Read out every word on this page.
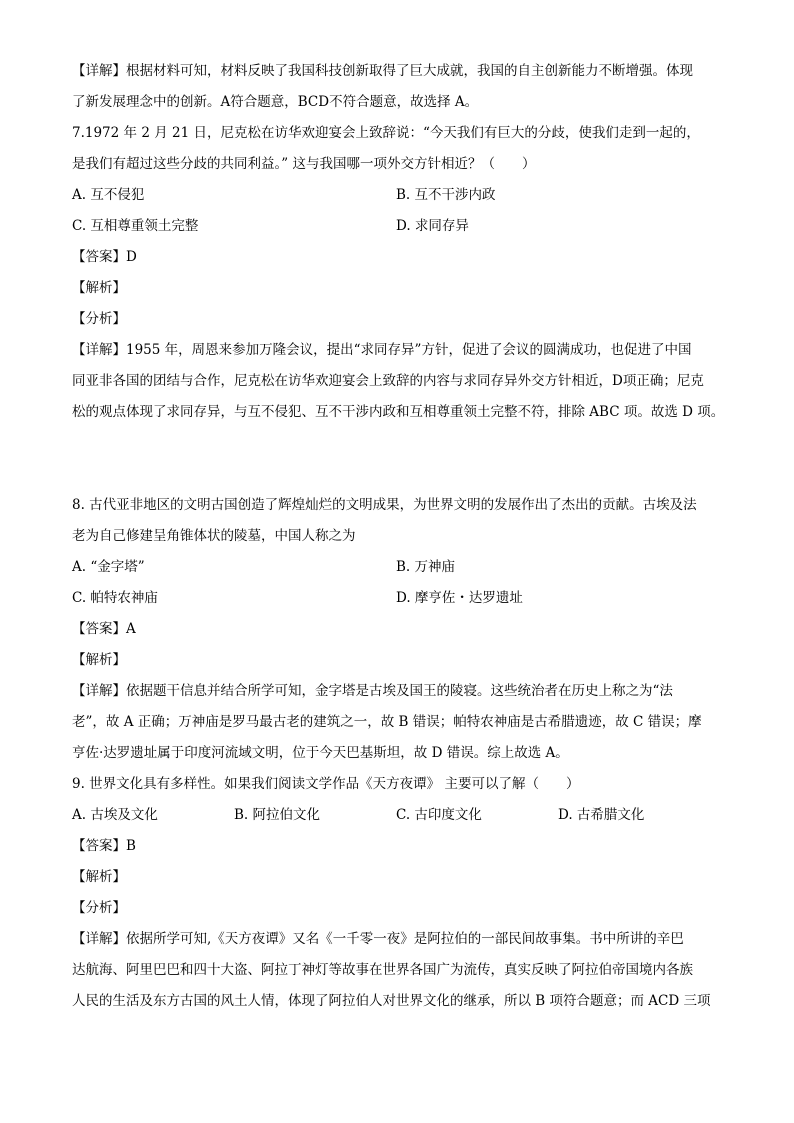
【详解】根据材料可知，材料反映了我国科技创新取得了巨大成就，我国的自主创新能力不断增强。体现
了新发展理念中的创新。A符合题意，BCD不符合题意，故选择 A。
7.1972 年 2 月 21 日，尼克松在访华欢迎宴会上致辞说：“今天我们有巨大的分歧，使我们走到一起的，
是我们有超过这些分歧的共同利益。” 这与我国哪一项外交方针相近？（　　）
A. 互不侵犯	B. 互不干涉内政
C. 互相尊重领土完整	D. 求同存异
【答案】D
【解析】
【分析】
【详解】1955 年，周恩来参加万隆会议，提出“求同存异”方针，促进了会议的圆满成功，也促进了中国
同亚非各国的团结与合作，尼克松在访华欢迎宴会上致辞的内容与求同存异外交方针相近，D项正确；尼克
松的观点体现了求同存异，与互不侵犯、互不干涉内政和互相尊重领土完整不符，排除 ABC 项。故选 D 项。
8. 古代亚非地区的文明古国创造了辉煌灿烂的文明成果，为世界文明的发展作出了杰出的贡献。古埃及法
老为自己修建呈角锥体状的陵墓，中国人称之为
A. “金字塔”	B. 万神庙
C. 帕特农神庙	D. 摩亨佐・达罗遗址
【答案】A
【解析】
【详解】依据题干信息并结合所学可知，金字塔是古埃及国王的陵寝。这些统治者在历史上称之为“法
老”，故 A 正确；万神庙是罗马最古老的建筑之一，故 B 错误；帕特农神庙是古希腊遗迹，故 C 错误；摩
亨佐·达罗遗址属于印度河流域文明，位于今天巴基斯坦，故 D 错误。综上故选 A。
9. 世界文化具有多样性。如果我们阅读文学作品《天方夜谭》 主要可以了解（　　）
A. 古埃及文化	B. 阿拉伯文化	C. 古印度文化	D. 古希腊文化
【答案】B
【解析】
【分析】
【详解】依据所学可知,《天方夜谭》又名《一千零一夜》是阿拉伯的一部民间故事集。书中所讲的辛巴
达航海、阿里巴巴和四十大盗、阿拉丁神灯等故事在世界各国广为流传，真实反映了阿拉伯帝国境内各族
人民的生活及东方古国的风土人情，体现了阿拉伯人对世界文化的继承，所以 B 项符合题意；而 ACD 三项
